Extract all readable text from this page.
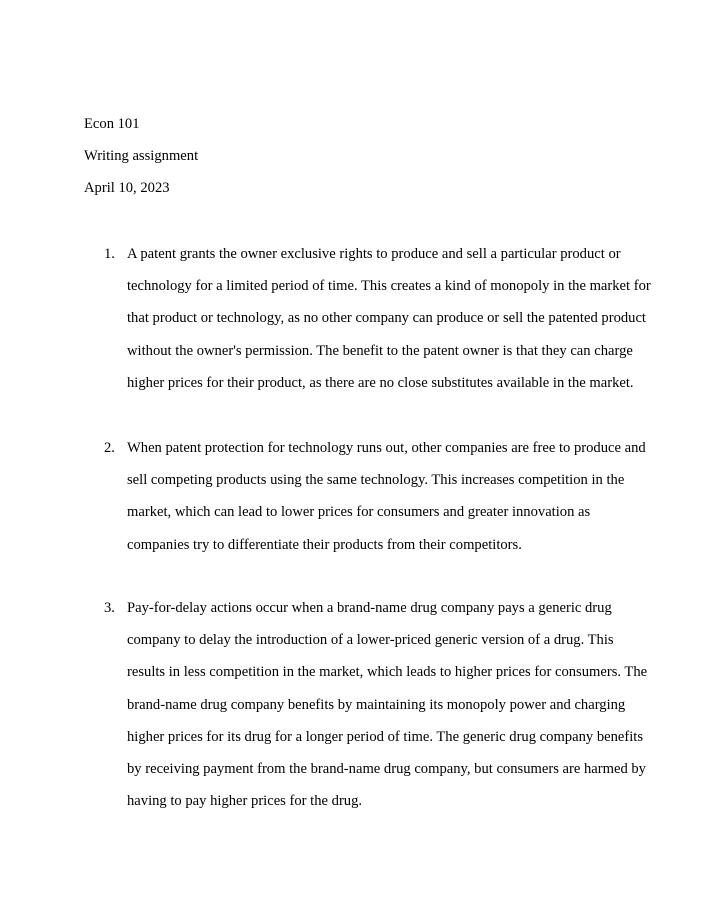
Econ 101
Writing assignment
April 10, 2023
1. A patent grants the owner exclusive rights to produce and sell a particular product or
technology for a limited period of time. This creates a kind of monopoly in the market for
that product or technology, as no other company can produce or sell the patented product
without the owner's permission. The benefit to the patent owner is that they can charge
higher prices for their product, as there are no close substitutes available in the market.
2. When patent protection for technology runs out, other companies are free to produce and
sell competing products using the same technology. This increases competition in the
market, which can lead to lower prices for consumers and greater innovation as
companies try to differentiate their products from their competitors.
3. Pay-for-delay actions occur when a brand-name drug company pays a generic drug
company to delay the introduction of a lower-priced generic version of a drug. This
results in less competition in the market, which leads to higher prices for consumers. The
brand-name drug company benefits by maintaining its monopoly power and charging
higher prices for its drug for a longer period of time. The generic drug company benefits
by receiving payment from the brand-name drug company, but consumers are harmed by
having to pay higher prices for the drug.
